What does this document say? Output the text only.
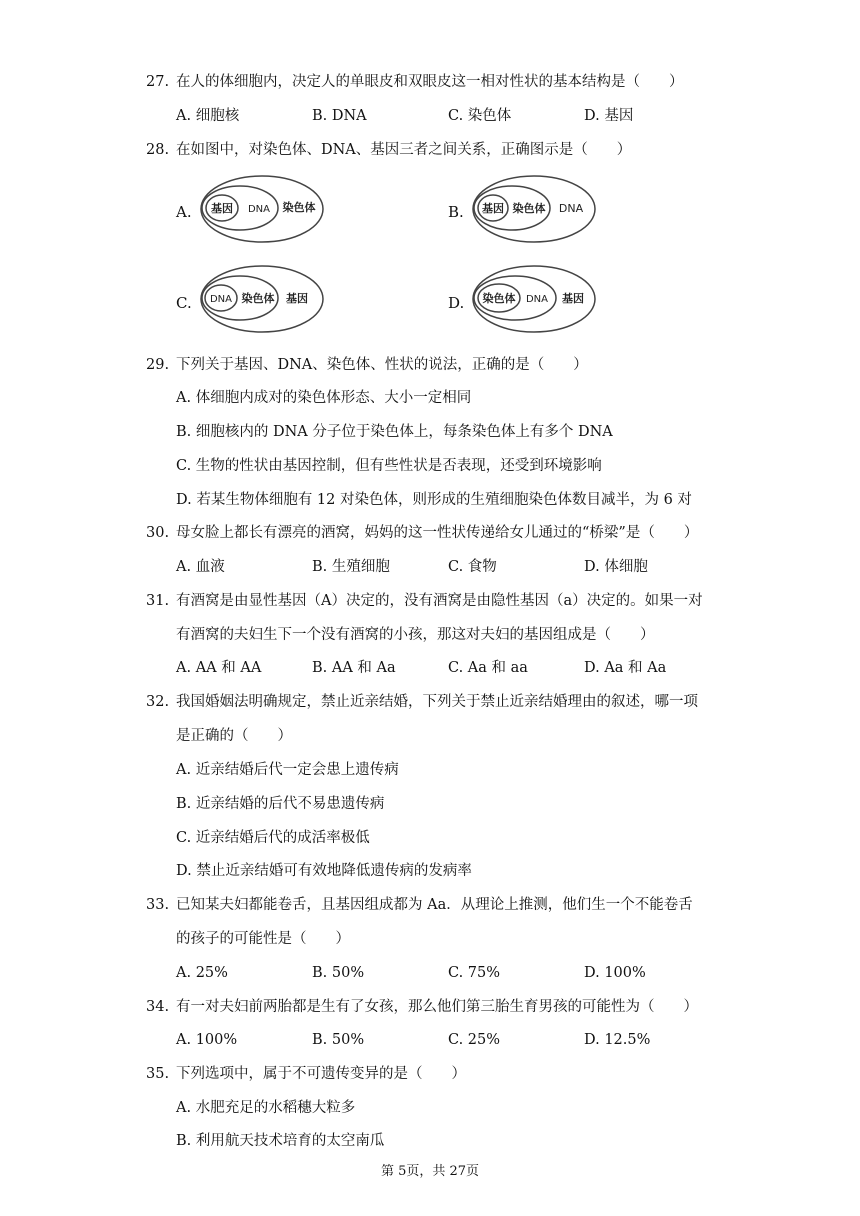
27. 在人的体细胞内，决定人的单眼皮和双眼皮这一相对性状的基本结构是（　　）
A. 细胞核	B. DNA	C. 染色体	D. 基因
28. 在如图中，对染色体、DNA、基因三者之间关系，正确图示是（　　）
A. 基因 DNA 染色体	B. 基因 染色体 DNA
C. DNA 染色体 基因	D. 染色体 DNA 基因
29. 下列关于基因、DNA、染色体、性状的说法，正确的是（　　）
A. 体细胞内成对的染色体形态、大小一定相同
B. 细胞核内的 DNA 分子位于染色体上，每条染色体上有多个 DNA
C. 生物的性状由基因控制，但有些性状是否表现，还受到环境影响
D. 若某生物体细胞有 12 对染色体，则形成的生殖细胞染色体数目减半，为 6 对
30. 母女脸上都长有漂亮的酒窝，妈妈的这一性状传递给女儿通过的“桥梁”是（　　）
A. 血液	B. 生殖细胞	C. 食物	D. 体细胞
31. 有酒窝是由显性基因（A）决定的，没有酒窝是由隐性基因（a）决定的。如果一对
有酒窝的夫妇生下一个没有酒窝的小孩，那这对夫妇的基因组成是（　　）
A. AA 和 AA	B. AA 和 Aa	C. Aa 和 aa	D. Aa 和 Aa
32. 我国婚姻法明确规定，禁止近亲结婚，下列关于禁止近亲结婚理由的叙述，哪一项
是正确的（　　）
A. 近亲结婚后代一定会患上遗传病
B. 近亲结婚的后代不易患遗传病
C. 近亲结婚后代的成活率极低
D. 禁止近亲结婚可有效地降低遗传病的发病率
33. 已知某夫妇都能卷舌，且基因组成都为 Aa．从理论上推测，他们生一个不能卷舌
的孩子的可能性是（　　）
A. 25%	B. 50%	C. 75%	D. 100%
34. 有一对夫妇前两胎都是生有了女孩，那么他们第三胎生育男孩的可能性为（　　）
A. 100%	B. 50%	C. 25%	D. 12.5%
35. 下列选项中，属于不可遗传变异的是（　　）
A. 水肥充足的水稻穗大粒多
B. 利用航天技术培育的太空南瓜
第 5页，共 27页
